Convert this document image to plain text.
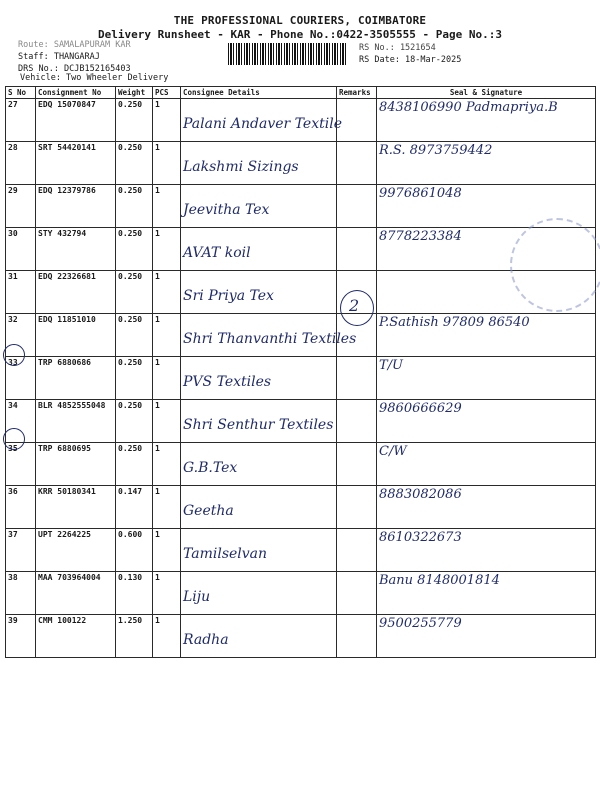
THE PROFESSIONAL COURIERS, COIMBATORE
Delivery Runsheet - KAR - Phone No.:0422-3505555 - Page No.:3
Route: SAMALAPURAM KAR
Staff: THANGARAJ
DRS No.: DCJB152165403
Vehicle: Two Wheeler Delivery
RS No.: 1521654
RS Date: 18-Mar-2025
S No	Consignment No	Weight	PCS	Consignee Details	Remarks	Seal & Signature
27	EDQ 15070847	0.250	1	Palani Andaver Textile		8438106990 Padmapriya.B
28	SRT 54420141	0.250	1	Lakshmi Sizings		R.S. 8973759442
29	EDQ 12379786	0.250	1	Jeevitha Tex		9976861048
30	STY 432794	0.250	1	AVAT koil		8778223384
31	EDQ 22326681	0.250	1	Sri Priya Tex		

32	EDQ 11851010	0.250	1	Shri Thanvanthi Textiles		P.Sathish 97809 86540
33	TRP 6880686	0.250	1	PVS Textiles		T/U
34	BLR 4852555048	0.250	1	Shri Senthur Textiles		9860666629
35	TRP 6880695	0.250	1	G.B.Tex		C/W
36	KRR 50180341	0.147	1	Geetha		8883082086
37	UPT 2264225	0.600	1	Tamilselvan		8610322673
38	MAA 703964004	0.130	1	Liju		Banu 8148001814
39	CMM 100122	1.250	1	Radha		9500255779
2
